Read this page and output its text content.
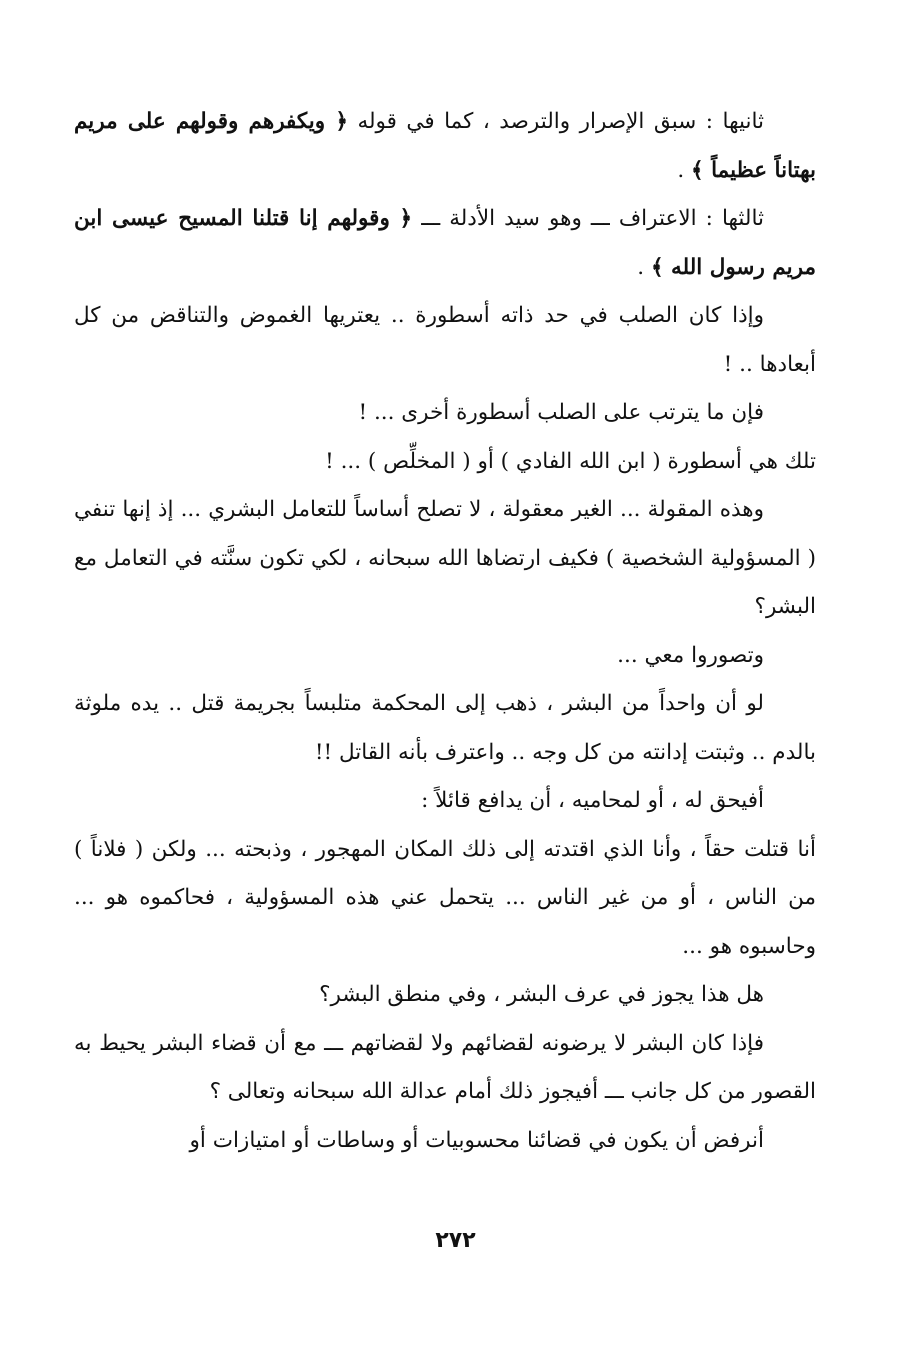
ثانيها : سبق الإصرار والترصد ، كما في قوله ﴿ ويكفرهم وقولهم على مريم بهتاناً عظيماً ﴾ .

ثالثها : الاعتراف ـــ وهو سيد الأدلة ـــ ﴿ وقولهم إنا قتلنا المسيح عيسى ابن مريم رسول الله ﴾ .

وإذا كان الصلب في حد ذاته أسطورة .. يعتريها الغموض والتناقض من كل أبعادها .. !

فإن ما يترتب على الصلب أسطورة أخرى ... !

تلك هي أسطورة ( ابن الله الفادي ) أو ( المخلِّص ) ... !

وهذه المقولة ... الغير معقولة ، لا تصلح أساساً للتعامل البشري ... إذ إنها تنفي ( المسؤولية الشخصية ) فكيف ارتضاها الله سبحانه ، لكي تكون سنَّته في التعامل مع البشر؟

وتصوروا معي ...

لو أن واحداً من البشر ، ذهب إلى المحكمة متلبساً بجريمة قتل .. يده ملوثة بالدم .. وثبتت إدانته من كل وجه .. واعترف بأنه القاتل !!

أفيحق له ، أو لمحاميه ، أن يدافع قائلاً :

أنا قتلت حقاً ، وأنا الذي اقتدته إلى ذلك المكان المهجور ، وذبحته ... ولكن ( فلاناً ) من الناس ، أو من غير الناس ... يتحمل عني هذه المسؤولية ، فحاكموه هو ... وحاسبوه هو ...

هل هذا يجوز في عرف البشر ، وفي منطق البشر؟

فإذا كان البشر لا يرضونه لقضائهم ولا لقضاتهم ـــ مع أن قضاء البشر يحيط به القصور من كل جانب ـــ أفيجوز ذلك أمام عدالة الله سبحانه وتعالى ؟

أنرفض أن يكون في قضائنا محسوبيات أو وساطات أو امتيازات أو

٢٧٢
